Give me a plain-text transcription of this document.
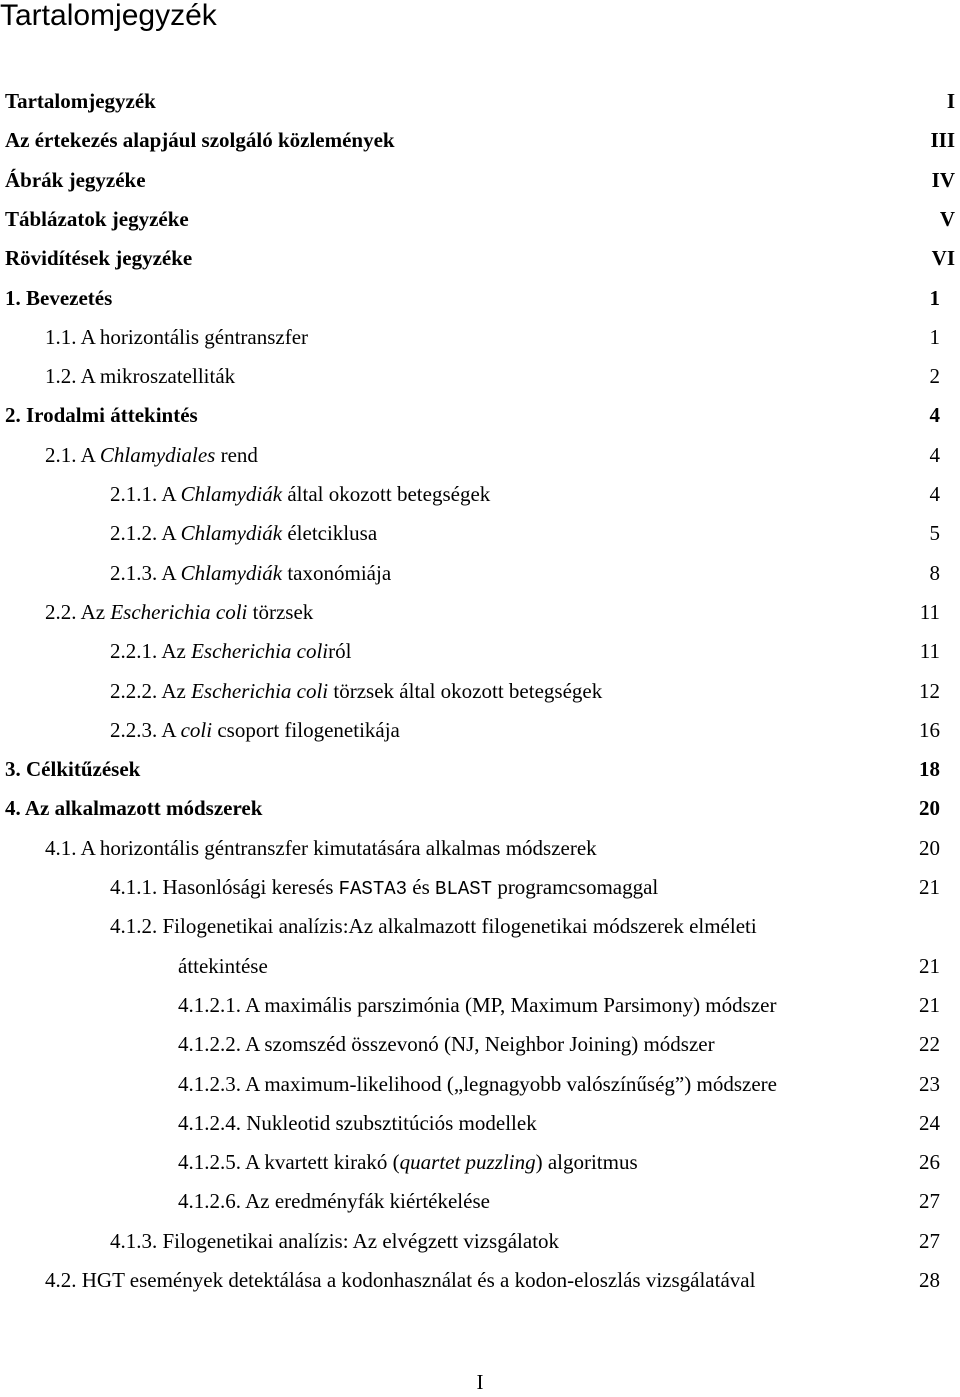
Tartalomjegyzék
Tartalomjegyzék	I
Az értekezés alapjául szolgáló közlemények	III
Ábrák jegyzéke	IV
Táblázatok jegyzéke	V
Rövidítések jegyzéke	VI
1. Bevezetés	1
1.1. A horizontális géntranszfer	1
1.2. A mikroszatelliták	2
2. Irodalmi áttekintés	4
2.1. A Chlamydiales rend	4
2.1.1. A Chlamydiák által okozott betegségek	4
2.1.2. A Chlamydiák életciklusa	5
2.1.3. A Chlamydiák taxonómiája	8
2.2. Az Escherichia coli törzsek	11
2.2.1. Az Escherichia coliról	11
2.2.2. Az Escherichia coli törzsek által okozott betegségek	12
2.2.3. A coli csoport filogenetikája	16
3. Célkitűzések	18
4. Az alkalmazott módszerek	20
4.1. A horizontális géntranszfer kimutatására alkalmas módszerek	20
4.1.1. Hasonlósági keresés FASTA3 és BLAST programcsomaggal	21
4.1.2. Filogenetikai analízis:Az alkalmazott filogenetikai módszerek elméleti
áttekintése	21
4.1.2.1. A maximális parszimónia (MP, Maximum Parsimony) módszer	21
4.1.2.2. A szomszéd összevonó (NJ, Neighbor Joining) módszer	22
4.1.2.3. A maximum-likelihood („legnagyobb valószínűség”) módszere	23
4.1.2.4. Nukleotid szubsztitúciós modellek	24
4.1.2.5. A kvartett kirakó (quartet puzzling) algoritmus	26
4.1.2.6. Az eredményfák kiértékelése	27
4.1.3. Filogenetikai analízis: Az elvégzett vizsgálatok	27
4.2. HGT események detektálása a kodonhasználat és a kodon-eloszlás vizsgálatával	28
I
